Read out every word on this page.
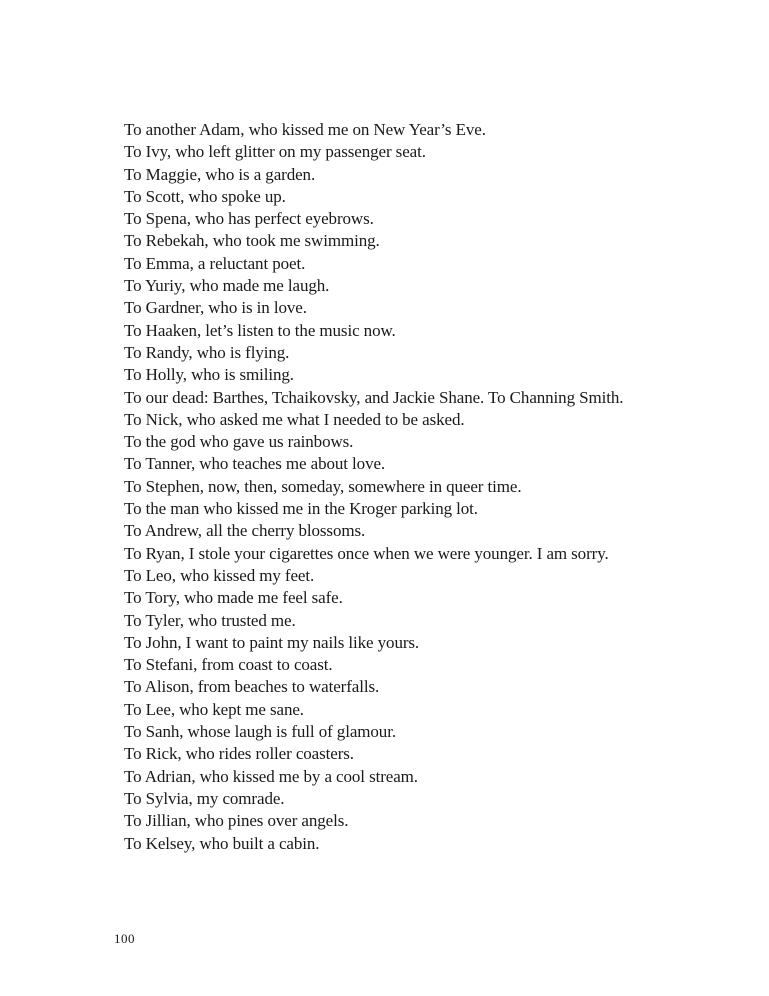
To another Adam, who kissed me on New Year’s Eve.
To Ivy, who left glitter on my passenger seat.
To Maggie, who is a garden.
To Scott, who spoke up.
To Spena, who has perfect eyebrows.
To Rebekah, who took me swimming.
To Emma, a reluctant poet.
To Yuriy, who made me laugh.
To Gardner, who is in love.
To Haaken, let’s listen to the music now.
To Randy, who is flying.
To Holly, who is smiling.
To our dead: Barthes, Tchaikovsky, and Jackie Shane. To Channing Smith.
To Nick, who asked me what I needed to be asked.
To the god who gave us rainbows.
To Tanner, who teaches me about love.
To Stephen, now, then, someday, somewhere in queer time.
To the man who kissed me in the Kroger parking lot.
To Andrew, all the cherry blossoms.
To Ryan, I stole your cigarettes once when we were younger. I am sorry.
To Leo, who kissed my feet.
To Tory, who made me feel safe.
To Tyler, who trusted me.
To John, I want to paint my nails like yours.
To Stefani, from coast to coast.
To Alison, from beaches to waterfalls.
To Lee, who kept me sane.
To Sanh, whose laugh is full of glamour.
To Rick, who rides roller coasters.
To Adrian, who kissed me by a cool stream.
To Sylvia, my comrade.
To Jillian, who pines over angels.
To Kelsey, who built a cabin.
100
